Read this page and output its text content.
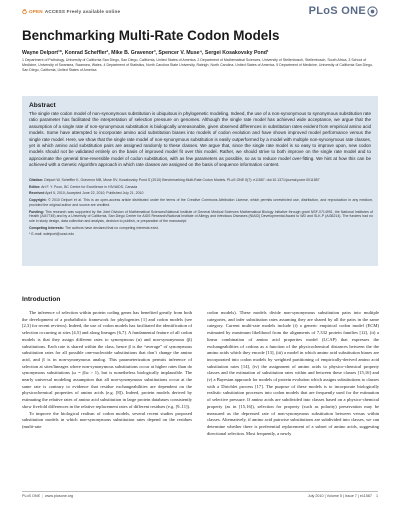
OPEN ACCESS Freely available online	PLoS ONE
Benchmarking Multi-Rate Codon Models

Wayne Delport¹*, Konrad Scheffler², Mike B. Gravenor³, Spencer V. Muse⁴, Sergei Kosakovsky Pond¹

1 Department of Pathology, University of California San Diego, San Diego, California, United States of America, 2 Department of Mathematical Sciences, University of Stellenbosch, Stellenbosch, South Africa, 3 School of Medicine, University of Swansea, Swansea, Wales, 4 Department of Statistics, North Carolina State University, Raleigh, North Carolina, United States of America, 5 Department of Medicine, University of California San Diego, San Diego, California, United States of America

Abstract

The single rate codon model of non-synonymous substitution is ubiquitous in phylogenetic modeling. Indeed, the use of a non-synonymous to synonymous substitution rate ratio parameter has facilitated the interpretation of selection pressure on genomes. Although the single rate model has achieved wide acceptance, we argue that the assumption of a single rate of non-synonymous substitution is biologically unreasonable, given observed differences in substitution rates evident from empirical amino acid models. Some have attempted to incorporate amino acid substitution biases into models of codon evolution and have shown improved model performance versus the single rate model. Here, we show that the single rate model of non-synonymous substitution is easily outperformed by a model with multiple non-synonymous rate classes, yet in which amino acid substitution pairs are assigned randomly to these classes. We argue that, since the single rate model is so easy to improve upon, new codon models should not be validated entirely on the basis of improved model fit over this model. Rather, we should strive to both improve on the single rate model and to approximate the general time-reversible model of codon substitution, with as few parameters as possible, so as to reduce model over-fitting. We hint at how this can be achieved with a Genetic Algorithm approach in which rate classes are assigned on the basis of sequence information content.

Citation: Delport W, Scheffler K, Gravenor MB, Muse SV, Kosakovsky Pond S (2010) Benchmarking Multi-Rate Codon Models. PLoS ONE 5(7): e11587. doi:10.1371/journal.pone.0011587

Editor: Art F. Y. Poon, BC Centre for Excellence in HIV/AIDS, Canada

Received April 5, 2010; Accepted June 22, 2010; Published July 21, 2010

Copyright: © 2010 Delport et al. This is an open-access article distributed under the terms of the Creative Commons Attribution License, which permits unrestricted use, distribution, and reproduction in any medium, provided the original author and source are credited.

Funding: This research was supported by the Joint Division of Mathematical Sciences/National Institute of General Medical Sciences Mathematical Biology Initiative through grant NSF-0714991, the National Institutes of Health (AI47745) and by a University of California, San Diego Center for AIDS Research/National Institute of Allergy and Infectious Diseases (NIAID) Developmental Award to WD and SLK-P (AI36214). The funders had no role in study design, data collection and analysis, decision to publish, or preparation of the manuscript.

Competing Interests: The authors have declared that no competing interests exist.

* E-mail: wdelport@ucsd.edu

Introduction

The inference of selection within protein coding genes has benefited greatly from both the development of a probabilistic framework for phylogenies [1] and codon models (see [2,3] for recent reviews). Indeed, the use of codon models has facilitated the identification of selection occurring at sites [4,5] and along lineages [6,7]. A fundamental feature of all codon models is that they assign different rates to synonymous (α) and non-synonymous (β) substitutions. Each rate is shared within the class, hence β is the “average” of synonymous substitution rates for all possible one-nucleotide substitutions that don’t change the amino acid, and β is in non-synonymous analog. This parameterization permits inference of selection at sites/lineages where non-synonymous substitutions occur at higher rates than do synonymous substitutions (ω = β/α > 1), but is nonetheless biologically implausible. The nearly universal modeling assumption that all non-synonymous substitutions occur at the same rate is contrary to evidence that residue exchangeabilities are dependent on the physicochemical properties of amino acids (e.g. [8]). Indeed, protein models derived by estimating the relative rates of amino acid substitution in large protein databases consistently show fivefold differences in the relative replacement rates of different residues (e.g. [9–11]).

To improve the biological realism of codon models, several recent studies proposed substitution models in which non-synonymous substitution rates depend on the residues (multi-rate

codon models). These models divide non-synonymous substitution pairs into multiple categories, and infer substitution rates assuming they are shared by all the pairs in the same category. Current multi-rate models include (i) a generic empirical codon model (ECM) estimated by maximum likelihood from the alignments of 7,332 protein families [12], (ii) a linear combination of amino acid properties model (LCAP) that expresses the exchangeabilities of codons as a function of the physicochemical distances between the the amino acids which they encode [13], (iii) a model in which amino acid substitution biases are incorporated into codon models by weighted partitioning of empirically-derived amino acid substitution rates [14], (iv) the assignment of amino acids to physico-chemical property classes and the estimation of substitution rates within and between these classes [15,16] and (v) a Bayesian approach for models of protein evolution which assigns substitutions to classes with a Dirichlet process [17]. The purpose of these models is to incorporate biologically realistic substitution processes into codon models that are frequently used for the estimation of selective pressure. If amino acids are subdivided into classes based on a physico-chemical property (as in [15,16]), selection for property (such as polarity) preservation may be measured as the depressed rate of non-synonymous substitution between versus within classes. Alternatively, if amino acid pairwise substitutions are subdivided into classes, we can determine whether there is preferential replacement of a subset of amino acids, suggesting directional selection. Most frequently, a newly

PLoS ONE | www.plosone.org	July 2010 | Volume 5 | Issue 7 | e11587 1
